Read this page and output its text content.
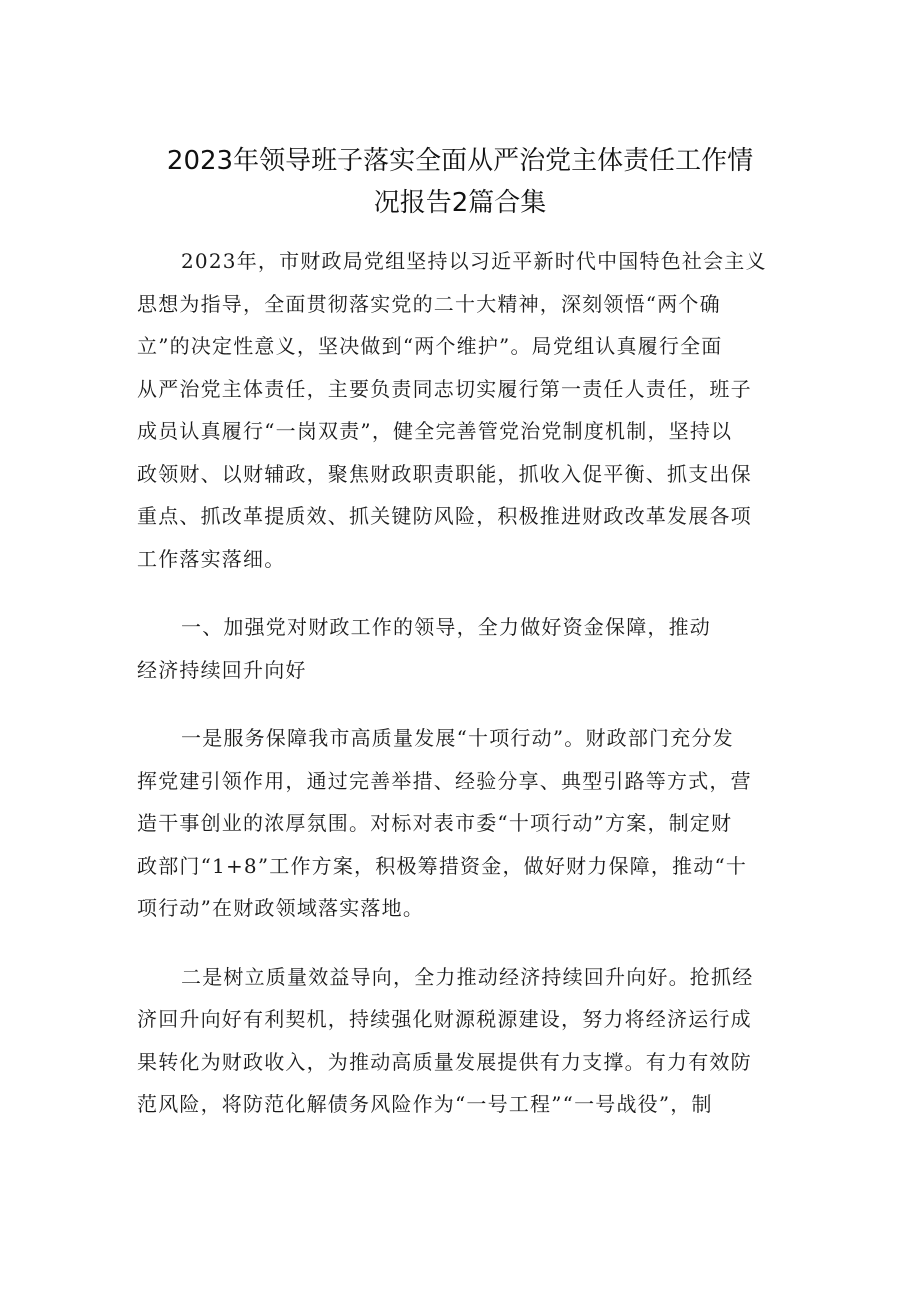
2023年领导班子落实全面从严治党主体责任工作情
况报告2篇合集

2023年，市财政局党组坚持以习近平新时代中国特色社会主义
思想为指导，全面贯彻落实党的二十大精神，深刻领悟“两个确
立”的决定性意义，坚决做到“两个维护”。局党组认真履行全面
从严治党主体责任，主要负责同志切实履行第一责任人责任，班子
成员认真履行“一岗双责”，健全完善管党治党制度机制，坚持以
政领财、以财辅政，聚焦财政职责职能，抓收入促平衡、抓支出保
重点、抓改革提质效、抓关键防风险，积极推进财政改革发展各项
工作落实落细。

一、加强党对财政工作的领导，全力做好资金保障，推动
经济持续回升向好

一是服务保障我市高质量发展“十项行动”。财政部门充分发
挥党建引领作用，通过完善举措、经验分享、典型引路等方式，营
造干事创业的浓厚氛围。对标对表市委“十项行动”方案，制定财
政部门“1+8”工作方案，积极筹措资金，做好财力保障，推动“十
项行动”在财政领域落实落地。

二是树立质量效益导向，全力推动经济持续回升向好。抢抓经
济回升向好有利契机，持续强化财源税源建设，努力将经济运行成
果转化为财政收入，为推动高质量发展提供有力支撑。有力有效防
范风险，将防范化解债务风险作为“一号工程”“一号战役”，制
